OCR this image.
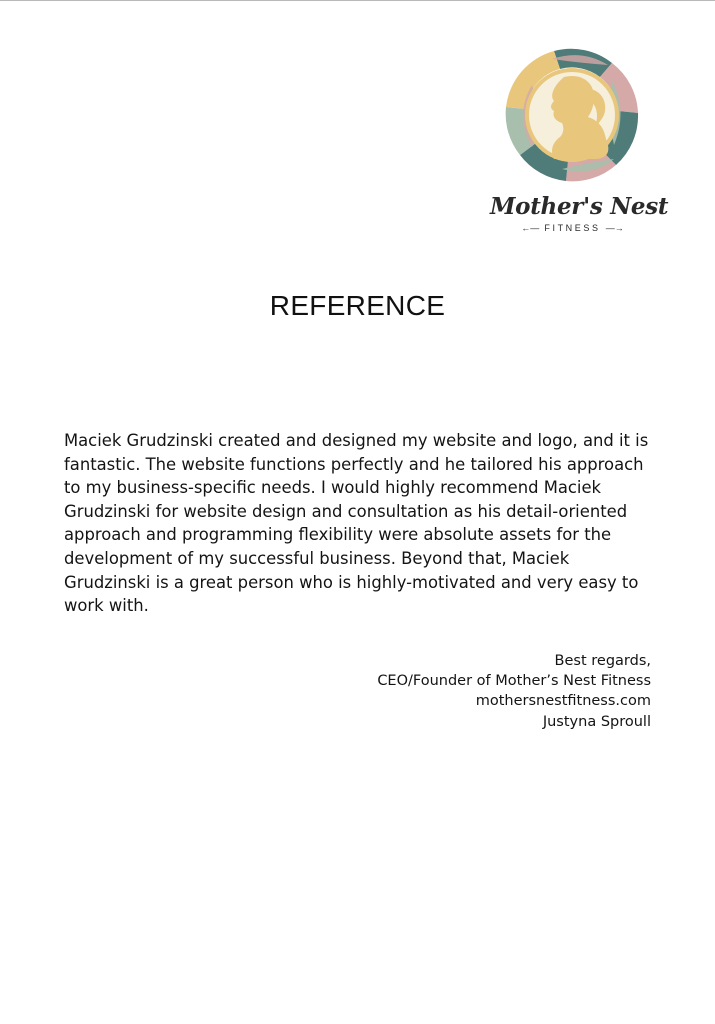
Mother's Nest
←— FITNESS —→
REFERENCE

Maciek Grudzinski created and designed my website and logo, and it is fantastic. The website functions perfectly and he tailored his approach to my business-specific needs. I would highly recommend Maciek Grudzinski for website design and consultation as his detail-oriented approach and programming flexibility were absolute assets for the development of my successful business. Beyond that, Maciek Grudzinski is a great person who is highly-motivated and very easy to work with.

Best regards,
CEO/Founder of Mother’s Nest Fitness
mothersnestfitness.com
Justyna Sproull
